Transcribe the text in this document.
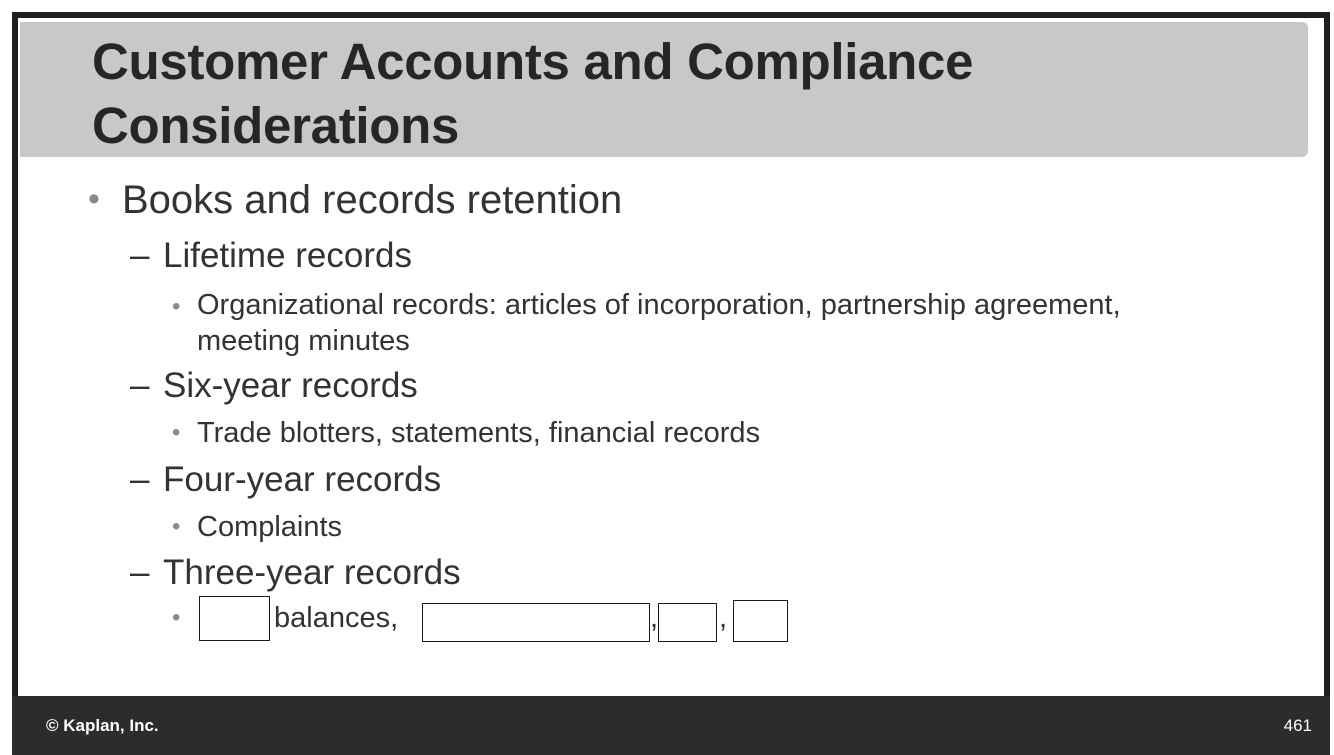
Customer Accounts and Compliance Considerations
• Books and records retention
– Lifetime records
• Organizational records: articles of incorporation, partnership agreement,
meeting minutes
– Six-year records
• Trade blotters, statements, financial records
– Four-year records
• Complaints
– Three-year records
•	balances,	, ,
© Kaplan, Inc.	461
